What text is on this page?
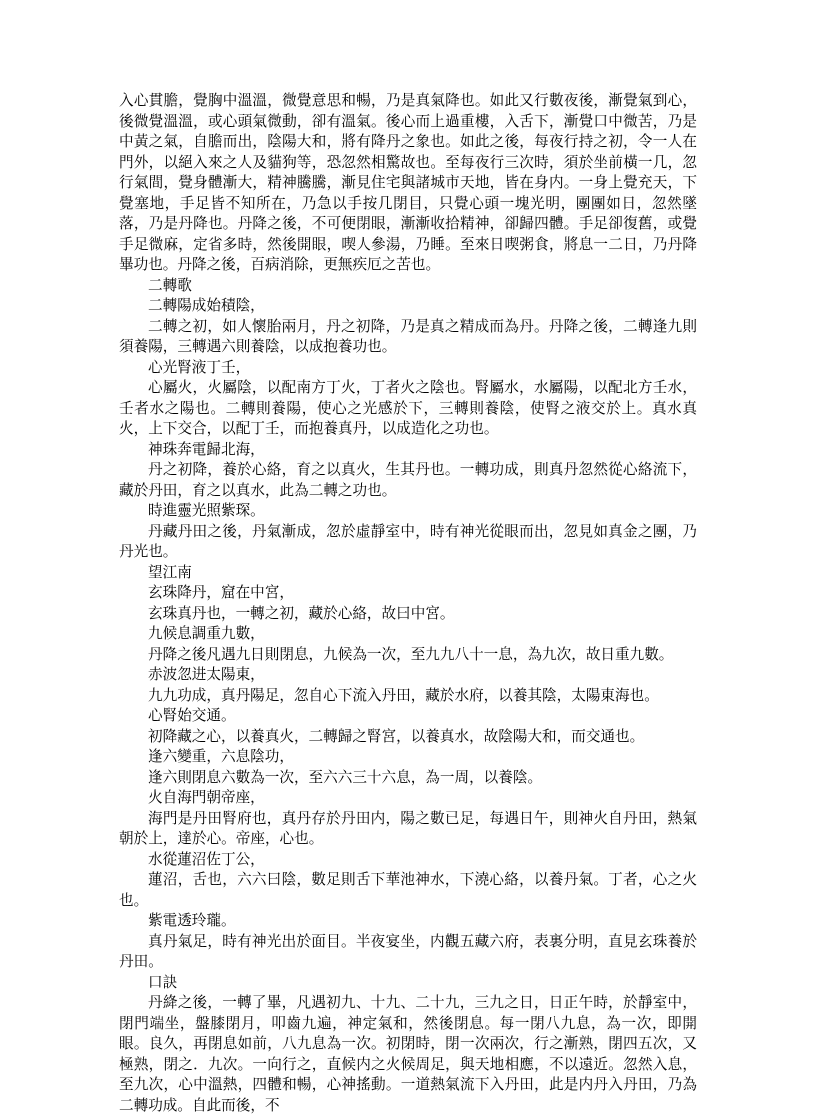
入心貫膽，覺胸中溫溫，微覺意思和暢，乃是真氣降也。如此又行數夜後，漸覺氣到心，後微覺溫溫，或心頭氣微動，卻有溫氣。後心而上過重樓，入舌下，漸覺口中微苦，乃是中黃之氣，自膽而出，陰陽大和，將有降丹之象也。如此之後，每夜行持之初，令一人在門外，以絕入來之人及貓狗等，恐忽然相驚故也。至每夜行三次時，須於坐前橫一几，忽行氣間，覺身體漸大，精神騰騰，漸見住宅與諸城市天地，皆在身内。一身上覺充天，下覺塞地，手足皆不知所在，乃急以手按几閉目，只覺心頭一塊光明，團團如日，忽然墜落，乃是丹降也。丹降之後，不可便閉眼，漸漸收拾精神，卻歸四體。手足卻復舊，或覺手足微麻，定省多時，然後開眼，喫人參湯，乃睡。至來日喫粥食，將息一二日，乃丹降畢功也。丹降之後，百病消除，更無疾厄之苦也。

二轉歌

二轉陽成始積陰，

二轉之初，如人懷胎兩月，丹之初降，乃是真之精成而為丹。丹降之後，二轉逢九則須養陽，三轉遇六則養陰，以成抱養功也。

心光腎液丁壬，

心屬火，火屬陰，以配南方丁火，丁者火之陰也。腎屬水，水屬陽，以配北方壬水，壬者水之陽也。二轉則養陽，使心之光感於下，三轉則養陰，使腎之液交於上。真水真火，上下交合，以配丁壬，而抱養真丹，以成造化之功也。

神珠奔電歸北海，

丹之初降，養於心絡，育之以真火，生其丹也。一轉功成，則真丹忽然從心絡流下，藏於丹田，育之以真水，此為二轉之功也。

時進靈光照紫琛。

丹藏丹田之後，丹氣漸成，忽於虛靜室中，時有神光從眼而出，忽見如真金之團，乃丹光也。

望江南

玄珠降丹，窟在中宮，

玄珠真丹也，一轉之初，藏於心絡，故曰中宮。

九候息調重九數，

丹降之後凡遇九日則閉息，九候為一次，至九九八十一息，為九次，故日重九數。

赤波忽进太陽東，

九九功成，真丹陽足，忽自心下流入丹田，藏於水府，以養其陰，太陽東海也。

心腎始交通。

初降藏之心，以養真火，二轉歸之腎宮，以養真水，故陰陽大和，而交通也。

逢六變重，六息陰功，

逢六則閉息六數為一次，至六六三十六息，為一周，以養陰。

火自海門朝帝座，

海門是丹田腎府也，真丹存於丹田内，陽之數已足，每遇日午，則神火自丹田，熱氣朝於上，達於心。帝座，心也。

水從蓮沼佐丁公，

蓮沼，舌也，六六曰陰，數足則舌下華池神水，下澆心絡，以養丹氣。丁者，心之火也。

紫電透玲瓏。

真丹氣足，時有神光出於面目。半夜宴坐，内觀五藏六府，表裏分明，直見玄珠養於丹田。

口訣

丹絳之後，一轉了畢，凡遇初九、十九、二十九，三九之日，日正午時，於靜室中，閉門端坐，盤膝閉月，叩齒九遍，神定氣和，然後閉息。每一閉八九息，為一次，即開眼。良久，再閉息如前，八九息為一次。初閉時，閉一次兩次，行之漸熟，閉四五次，又極熟，閉之．九次。一向行之，直候内之火候周足，與天地相應，不以遠近。忽然入息，至九次，心中溫熱，四體和暢，心神搖動。一道熱氣流下入丹田，此是内丹入丹田，乃為二轉功成。自此而後，不
